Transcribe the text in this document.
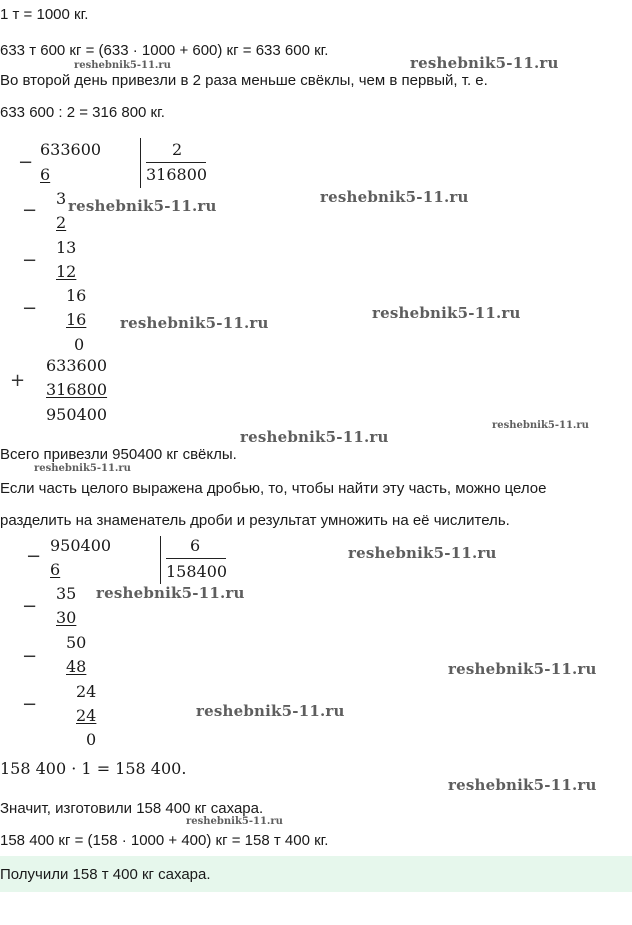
1 т = 1000 кг.
633 т 600 кг = (633 · 1000 + 600) кг = 633 600 кг.
Во второй день привезли в 2 раза меньше свёклы, чем в первый, т. е.
633 600 : 2 = 316 800 кг.
−
633600	2
316800
6
−
3
2
−
13
12
−
16
16
0
+
633600
316800
950400
Всего привезли 950400 кг свёклы.
Если часть целого выражена дробью, то, чтобы найти эту часть, можно целое
разделить на знаменатель дроби и результат умножить на её числитель.
−
950400	6
158400
6
−
35
30
−
50
48
−
24
24
0
158 400 · 1 = 158 400.
Значит, изготовили 158 400 кг сахара.
158 400 кг = (158 · 1000 + 400) кг = 158 т 400 кг.
Получили 158 т 400 кг сахара.
reshebnik5-11.ru
reshebnik5-11.ru
reshebnik5-11.ru	reshebnik5-11.ru
reshebnik5-11.ru
reshebnik5-11.ru
reshebnik5-11.ru
reshebnik5-11.ru
reshebnik5-11.ru
reshebnik5-11.ru
reshebnik5-11.ru
reshebnik5-11.ru
reshebnik5-11.ru
reshebnik5-11.ru
reshebnik5-11.ru
